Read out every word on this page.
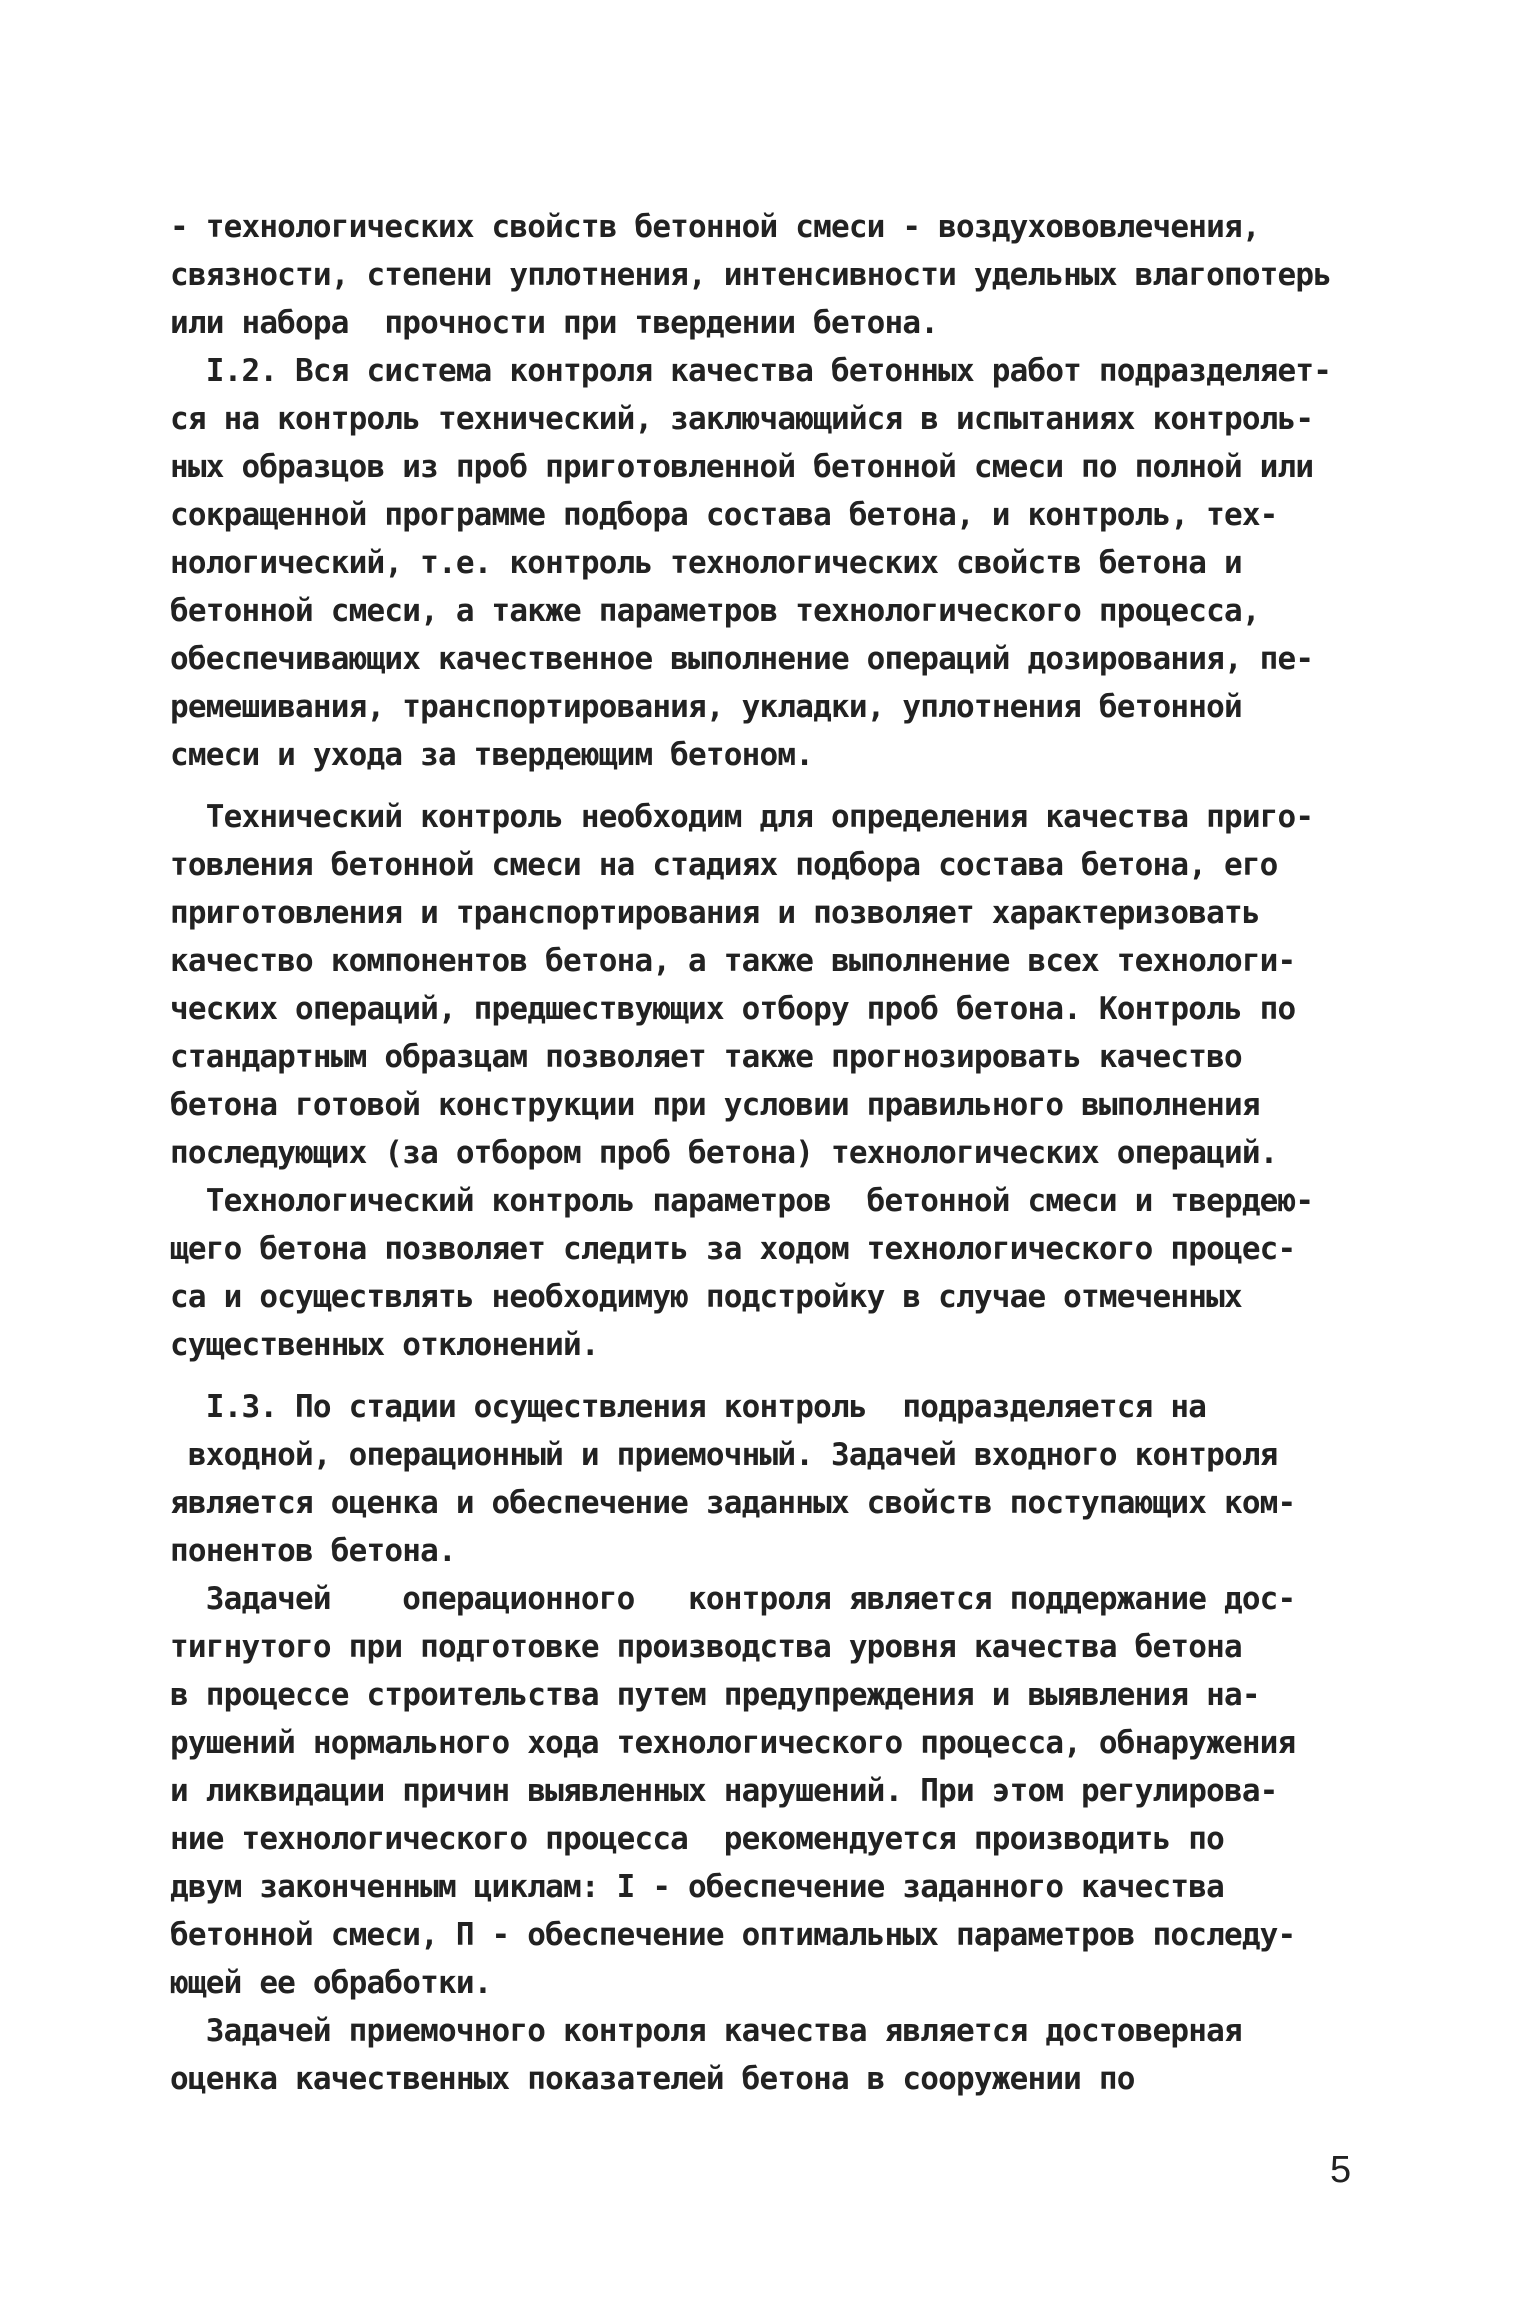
- технологических свойств бетонной смеси - воздухововлечения,
связности, степени уплотнения, интенсивности удельных влагопотерь
или набора  прочности при твердении бетона.
I.2. Вся система контроля качества бетонных работ подразделяет-
ся на контроль технический, заключающийся в испытаниях контроль-
ных образцов из проб приготовленной бетонной смеси по полной или
сокращенной программе подбора состава бетона, и контроль, тех-
нологический, т.е. контроль технологических свойств бетона и
бетонной смеси, а также параметров технологического процесса,
обеспечивающих качественное выполнение операций дозирования, пе-
ремешивания, транспортирования, укладки, уплотнения бетонной
смеси и ухода за твердеющим бетоном.
Технический контроль необходим для определения качества приго-
товления бетонной смеси на стадиях подбора состава бетона, его
приготовления и транспортирования и позволяет характеризовать
качество компонентов бетона, а также выполнение всех технологи-
ческих операций, предшествующих отбору проб бетона. Контроль по
стандартным образцам позволяет также прогнозировать качество
бетона готовой конструкции при условии правильного выполнения
последующих (за отбором проб бетона) технологических операций.
Технологический контроль параметров  бетонной смеси и твердею-
щего бетона позволяет следить за ходом технологического процес-
са и осуществлять необходимую подстройку в случае отмеченных
существенных отклонений.
I.3. По стадии осуществления контроль  подразделяется на
входной, операционный и приемочный. Задачей входного контроля
является оценка и обеспечение заданных свойств поступающих ком-
понентов бетона.
Задачей    операционного   контроля является поддержание дос-
тигнутого при подготовке производства уровня качества бетона
в процессе строительства путем предупреждения и выявления на-
рушений нормального хода технологического процесса, обнаружения
и ликвидации причин выявленных нарушений. При этом регулирова-
ние технологического процесса  рекомендуется производить по
двум законченным циклам: I - обеспечение заданного качества
бетонной смеси, П - обеспечение оптимальных параметров последу-
ющей ее обработки.
Задачей приемочного контроля качества является достоверная
оценка качественных показателей бетона в сооружении по
5
